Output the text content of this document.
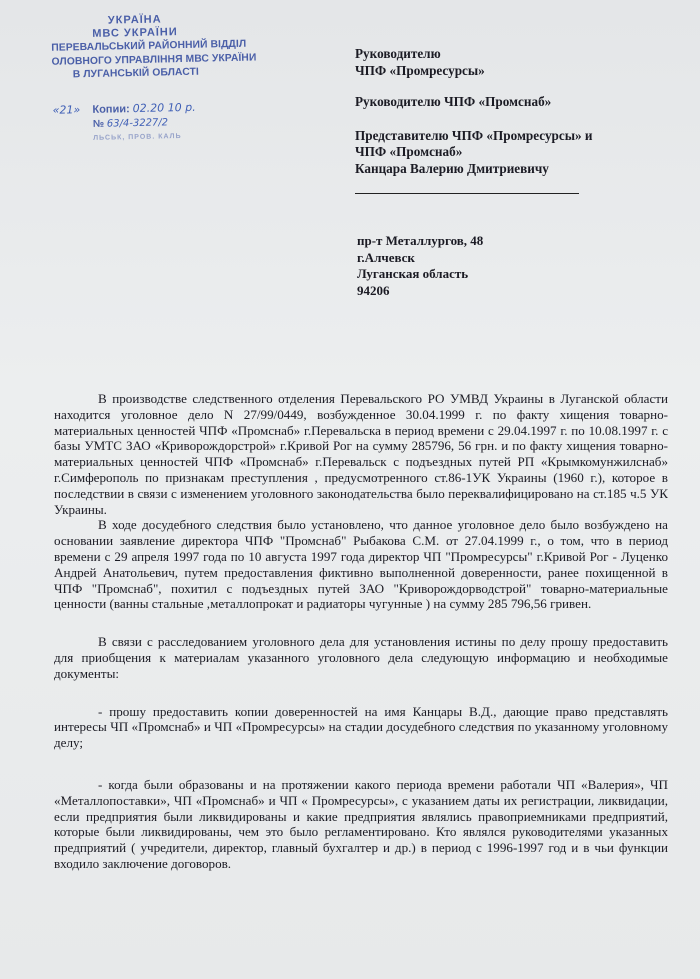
УКРАЇНА
МВС УКРАЇНИ
ПЕРЕВАЛЬСЬКИЙ РАЙОННИЙ ВІДДІЛ
ОЛОВНОГО УПРАВЛІННЯ МВС УКРАЇНИ
В ЛУГАНСЬКІЙ ОБЛАСТІ
«21» Копии: 02.20 10 р.
№ 63/4-3227/2
ЛЬСЬК, ПРОВ. КАЛЬ

Руководителю

ЧПФ «Промресурсы»

Руководителю ЧПФ «Промснаб»

Представителю ЧПФ «Промресурсы» и

ЧПФ «Промснаб»

Канцара Валерию Дмитриевичу

пр-т Металлургов, 48

г.Алчевск

Луганская область

94206

В производстве следственного отделения Перевальского РО УМВД Украины в Луганской области находится уголовное дело N 27/99/0449, возбужденное 30.04.1999 г. по факту хищения товарно-материальных ценностей ЧПФ «Промснаб» г.Перевальска в период времени с 29.04.1997 г. по 10.08.1997 г. с базы УМТС ЗАО «Криворождорстрой» г.Кривой Рог на сумму 285796, 56 грн. и по факту хищения товарно-материальных ценностей ЧПФ «Промснаб» г.Перевальск с подъездных путей РП «Крымкомунжилснаб» г.Симферополь по признакам преступления , предусмотренного ст.86-1УК Украины (1960 г.), которое в последствии в связи с изменением уголовного законодательства было переквалифицировано на ст.185 ч.5 УК Украины.

В ходе досудебного следствия было установлено, что данное уголовное дело было возбуждено на основании заявление директора ЧПФ "Промснаб" Рыбакова С.М. от 27.04.1999 г., о том, что в период времени с 29 апреля 1997 года по 10 августа 1997 года директор ЧП "Промресурсы" г.Кривой Рог - Луценко Андрей Анатольевич, путем предоставления фиктивно выполненной доверенности, ранее похищенной в ЧПФ "Промснаб", похитил с подъездных путей ЗАО "Криворождорводстрой" товарно-материальные ценности (ванны стальные ,металлопрокат и радиаторы чугунные ) на сумму 285 796,56 гривен.

В связи с расследованием уголовного дела для установления истины по делу прошу предоставить для приобщения к материалам указанного уголовного дела следующую информацию и необходимые документы:

- прошу предоставить копии доверенностей на имя Канцары В.Д., дающие право представлять интересы ЧП «Промснаб» и ЧП «Промресурсы» на стадии досудебного следствия по указанному уголовному делу;

- когда были образованы и на протяжении какого периода времени работали ЧП «Валерия», ЧП «Металлопоставки», ЧП «Промснаб» и ЧП « Промресурсы», с указанием даты их регистрации, ликвидации, если предприятия были ликвидированы и какие предприятия являлись правоприемниками предприятий, которые были ликвидированы, чем это было регламентировано. Кто являлся руководителями указанных предприятий ( учредители, директор, главный бухгалтер и др.) в период с 1996-1997 год и в чьи функции входило заключение договоров.
